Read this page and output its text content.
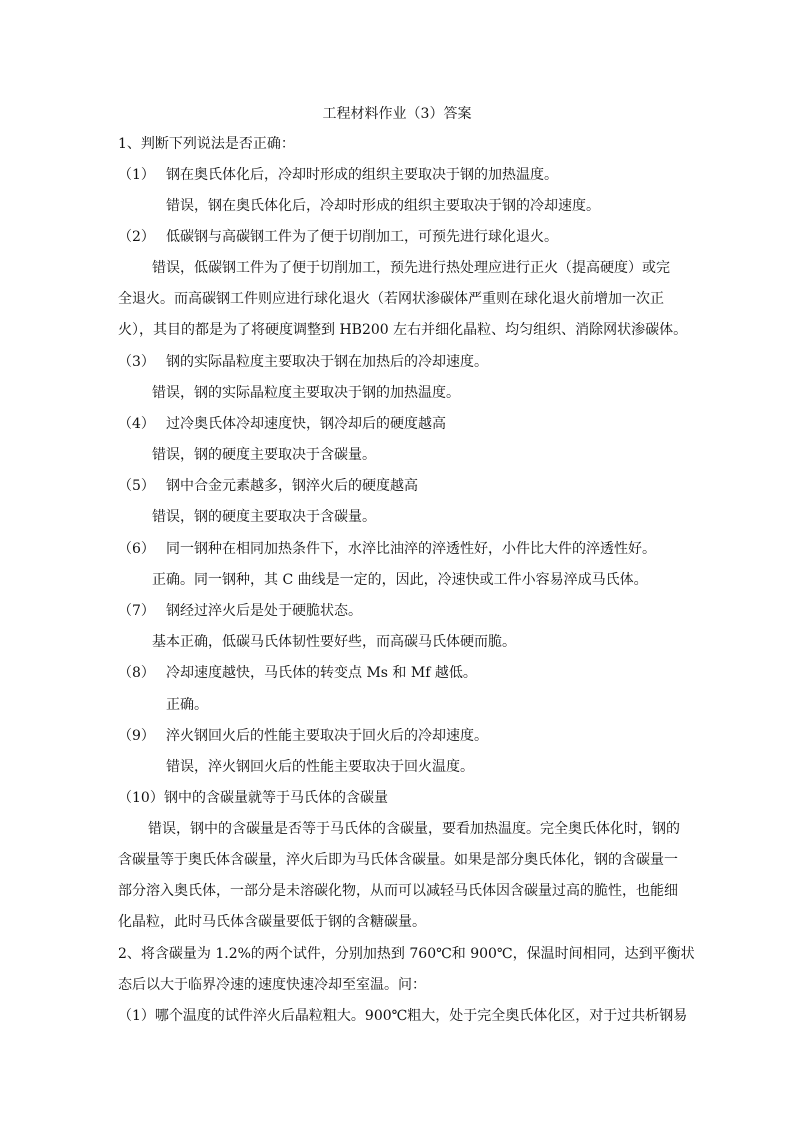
工程材料作业（3）答案
1、判断下列说法是否正确：
（1） 钢在奥氏体化后，冷却时形成的组织主要取决于钢的加热温度。
错误，钢在奥氏体化后，冷却时形成的组织主要取决于钢的冷却速度。
（2） 低碳钢与高碳钢工件为了便于切削加工，可预先进行球化退火。
错误，低碳钢工件为了便于切削加工，预先进行热处理应进行正火（提高硬度）或完
全退火。而高碳钢工件则应进行球化退火（若网状渗碳体严重则在球化退火前增加一次正
火），其目的都是为了将硬度调整到 HB200 左右并细化晶粒、均匀组织、消除网状渗碳体。
（3） 钢的实际晶粒度主要取决于钢在加热后的冷却速度。
错误，钢的实际晶粒度主要取决于钢的加热温度。
（4） 过冷奥氏体冷却速度快，钢冷却后的硬度越高
错误，钢的硬度主要取决于含碳量。
（5） 钢中合金元素越多，钢淬火后的硬度越高
错误，钢的硬度主要取决于含碳量。
（6） 同一钢种在相同加热条件下，水淬比油淬的淬透性好，小件比大件的淬透性好。
正确。同一钢种，其 C 曲线是一定的，因此，冷速快或工件小容易淬成马氏体。
（7） 钢经过淬火后是处于硬脆状态。
基本正确，低碳马氏体韧性要好些，而高碳马氏体硬而脆。
（8） 冷却速度越快，马氏体的转变点 Ms 和 Mf 越低。
正确。
（9） 淬火钢回火后的性能主要取决于回火后的冷却速度。
错误，淬火钢回火后的性能主要取决于回火温度。
（10）钢中的含碳量就等于马氏体的含碳量
错误，钢中的含碳量是否等于马氏体的含碳量，要看加热温度。完全奥氏体化时，钢的
含碳量等于奥氏体含碳量，淬火后即为马氏体含碳量。如果是部分奥氏体化，钢的含碳量一
部分溶入奥氏体，一部分是未溶碳化物，从而可以减轻马氏体因含碳量过高的脆性，也能细
化晶粒，此时马氏体含碳量要低于钢的含糖碳量。
2、将含碳量为 1.2%的两个试件，分别加热到 760℃和 900℃，保温时间相同，达到平衡状
态后以大于临界冷速的速度快速冷却至室温。问：
（1）哪个温度的试件淬火后晶粒粗大。900℃粗大，处于完全奥氏体化区，对于过共析钢易
